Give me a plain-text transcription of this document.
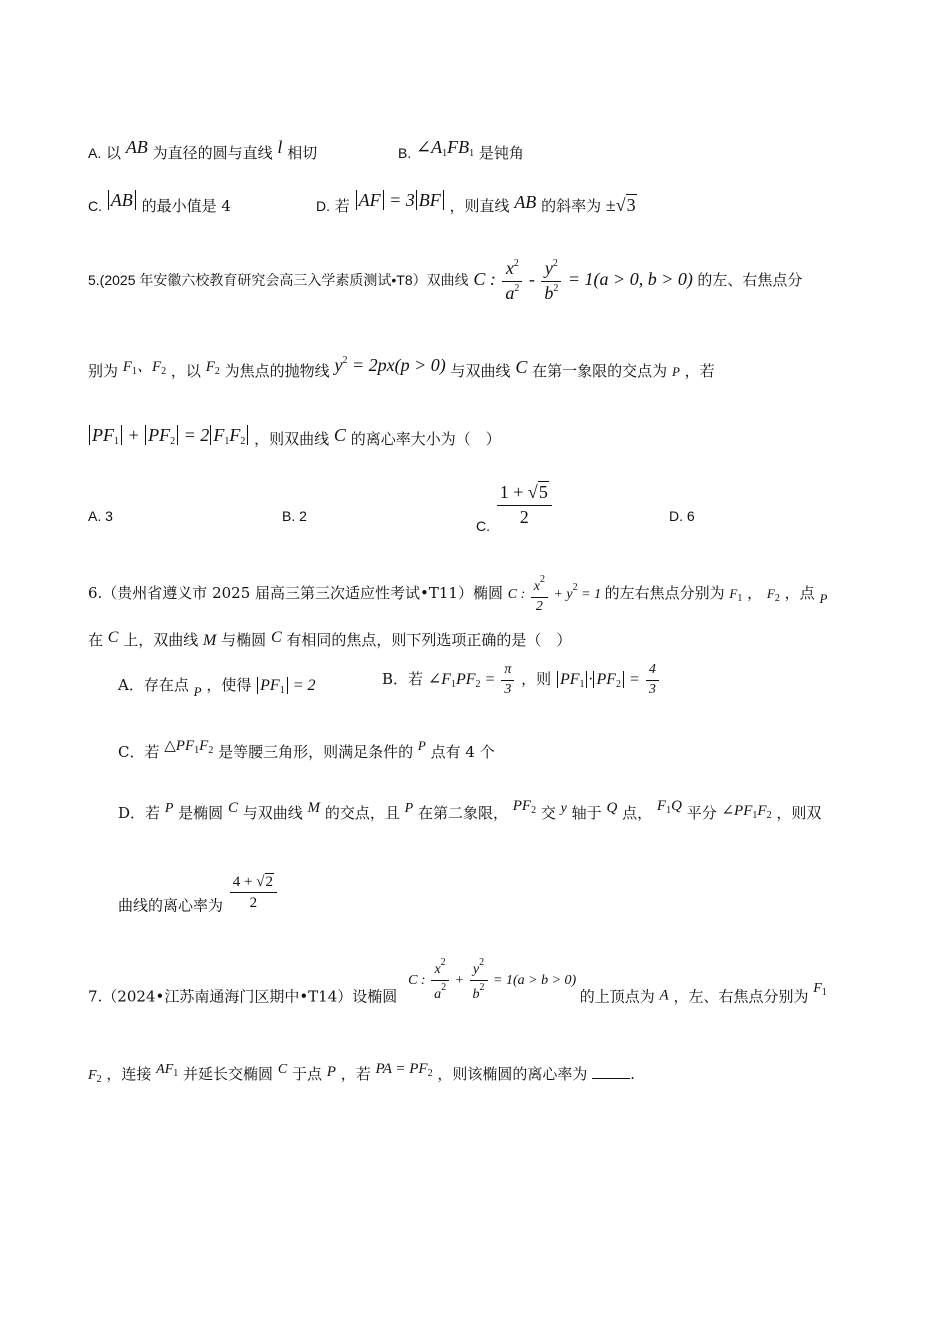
A. 以 AB 为直径的圆与直线 l 相切	B. $\angle A_1FB_1$ 是钝角
C. AB 的最小值是 4	D. 若 AF = 3 BF ，则直线 AB 的斜率为 ±√3
5.(2025 年安徽六校教育研究会高三入学素质测试•T8）双曲线 C : $\frac{x^2}{a^2} - \frac{y^2}{b^2} = 1(a > 0$, b > 0) 的左、右焦点分
别为 $F_1$、$F_2$ ，以 $F_2$ 为焦点的抛物线 $y^2 = 2px(p > 0)$ 与双曲线 C 在第一象限的交点为 P ，若
$PF_1 + PF_2 = 2$ $F_1F_2$ ，则双曲线 C 的离心率大小为（　）
A. 3	B. 2
C. $\frac{1 + √5}{2}$	D. 6
6.（贵州省遵义市 2025 届高三第三次适应性考试•T11）椭圆 C : $\frac{x^2}{2} + y^2 = 1$ 的左右焦点分别为 $F_1$ ， $F_2$ ，点 P
在 C 上，双曲线 M 与椭圆 C 有相同的焦点，则下列选项正确的是（　）
A．存在点 P ，使得 $PF_1 = 2$	B．若 $\angle F_1PF_2 = \frac{\pi}{3}$ ，则 $PF_1 \cdot PF_2 = \frac{4}{3}$
C．若 $\triangle PF_1F_2$ 是等腰三角形，则满足条件的 P 点有 4 个
D．若 P 是椭圆 C 与双曲线 M 的交点，且 P 在第二象限， $PF_2$ 交 y 轴于 Q 点， $F_1Q$ 平分 $\angle PF_1F_2$ ，则双
曲线的离心率为 $\frac{4 + √2}{2}$
7.（2024•江苏南通海门区期中•T14）设椭圆 C : $\frac{x^2}{a^2} + \frac{y^2}{b^2} = 1(a > b > 0)$ 的上顶点为 A ，左、右焦点分别为 $F_1$
$F_2$ ，连接 $AF_1$ 并延长交椭圆 C 于点 P ，若 PA = $PF_2$ ，则该椭圆的离心率为	.
